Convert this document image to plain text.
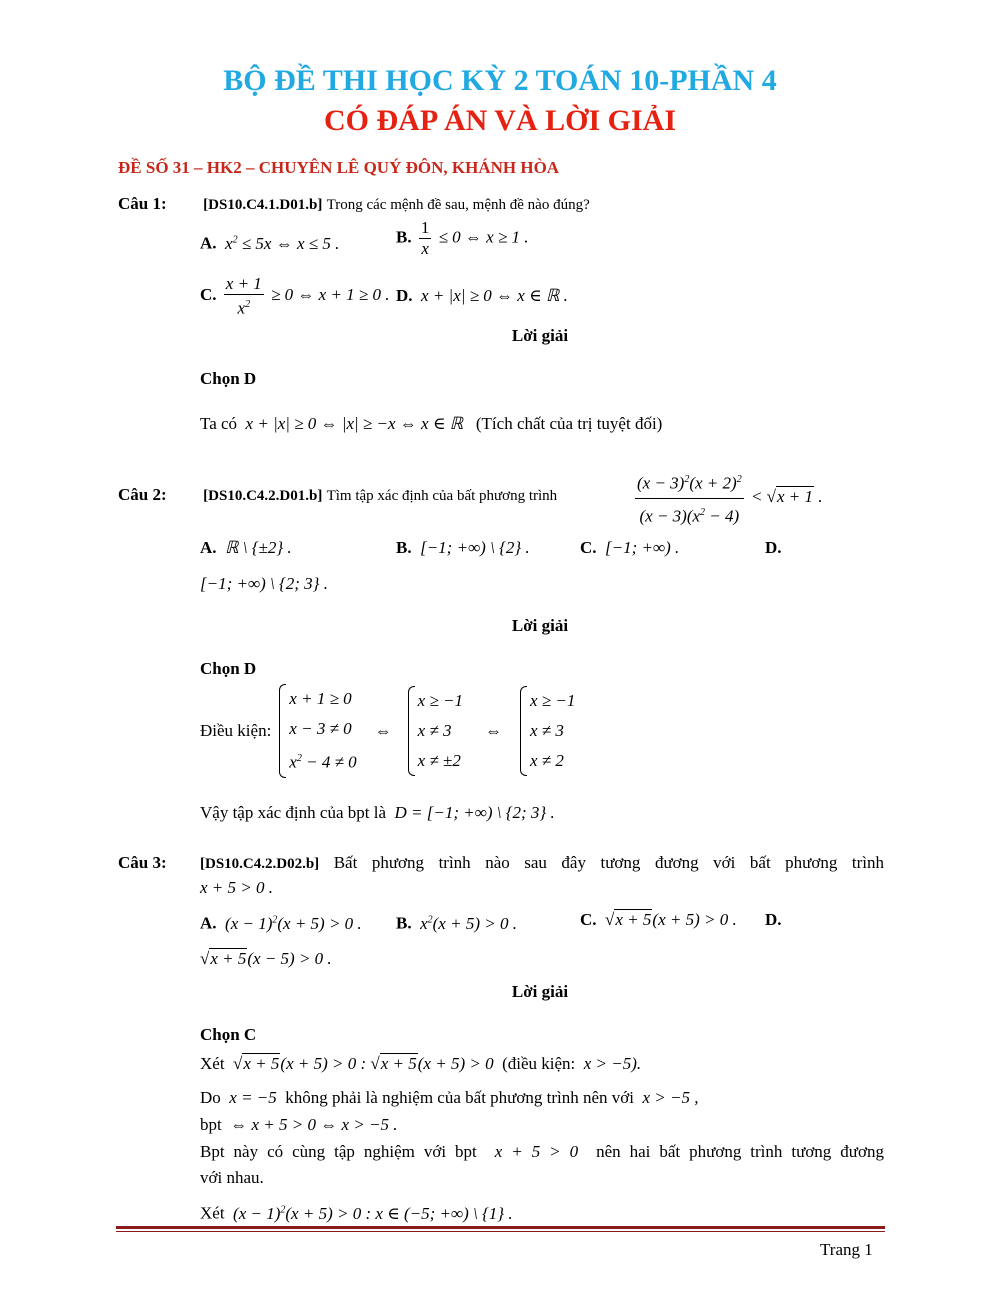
BỘ ĐỀ THI HỌC KỲ 2 TOÁN 10-PHẦN 4
CÓ ĐÁP ÁN VÀ LỜI GIẢI
ĐỀ SỐ 31 – HK2 – CHUYÊN LÊ QUÝ ĐÔN, KHÁNH HÒA
Câu 1: [DS10.C4.1.D01.b] Trong các mệnh đề sau, mệnh đề nào đúng?
A.  $x^2 \le 5x$ ⇔ x ≤ 5 .	B. $\frac{1}{x} \le 0$ ⇔ x ≥ 1 .
C. $\frac{x + 1}{x^2} \ge 0$ ⇔ x + 1 ≥ 0 . D.  x + |x| ≥ 0 ⇔ x ∈ ℝ .
Lời giải
Chọn D
Ta có  x + |x| ≥ 0 ⇔ |x| ≥ −x ⇔ x ∈ ℝ   (Tích chất của trị tuyệt đối)
Câu 2: [DS10.C4.2.D01.b] Tìm tập xác định của bất phương trình	$\frac{(x - 3)^2(x + 2)^2}{(x - 3)(x^2 - 4)} < √x + 1$ .
A.  ℝ \ {±2} .	B.  [−1; +∞) \ {2} .	C.  [−1; +∞) .	D.
[−1; +∞) \ {2; 3} .
Lời giải
Chọn D
Điều kiện:
x + 1 ≥ 0
x − 3 ≠ 0
$x^2 - 4 \ne 0$
⇔
x ≥ −1
x ≠ 3
x ≠ ±2
⇔
x ≥ −1
x ≠ 3
x ≠ 2
Vậy tập xác định của bpt là  D = [−1; +∞) \ {2; 3} .
Câu 3: [DS10.C4.2.D02.b] Bất phương trình nào sau đây tương đương với bất phương trình
x + 5 > 0 .
A.  $(x - 1)^2(x + 5) > 0$ . B.  $x^2(x + 5) > 0$ .	C.  √x + 5(x + 5) > 0 . D.
√x + 5(x − 5) > 0 .
Lời giải
Chọn C
Xét  √x + 5(x + 5) > 0 : √x + 5(x + 5) > 0  (điều kiện:  x > −5).
Do  x = −5  không phải là nghiệm của bất phương trình nên với  x > −5 ,
bpt  ⇔ x + 5 > 0 ⇔ x > −5 .
Bpt này có cùng tập nghiệm với bpt  x + 5 > 0  nên hai bất phương trình tương đương
với nhau.
Xét  $(x - 1)^2(x + 5) > 0$ : x ∈ (−5; +∞) \ {1} .
Trang 1
